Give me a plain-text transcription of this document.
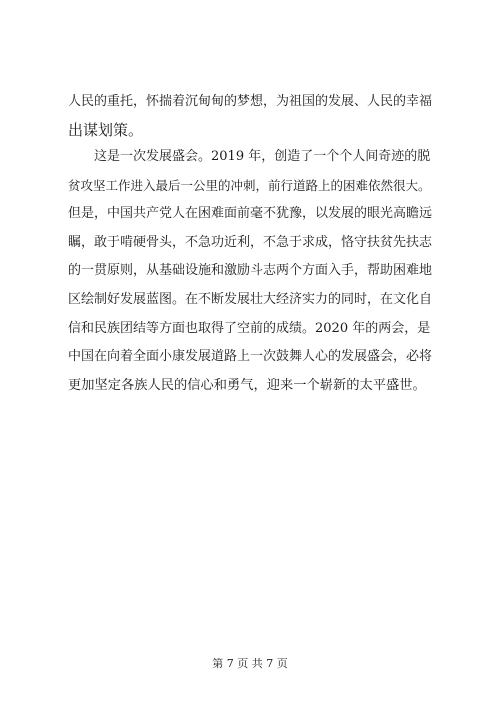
人民的重托，怀揣着沉甸甸的梦想，为祖国的发展、人民的幸福
出谋划策。
　　这是一次发展盛会。2019 年，创造了一个个人间奇迹的脱
贫攻坚工作进入最后一公里的冲刺，前行道路上的困难依然很大。
但是，中国共产党人在困难面前毫不犹豫，以发展的眼光高瞻远
瞩，敢于啃硬骨头，不急功近利，不急于求成，恪守扶贫先扶志
的一贯原则，从基础设施和激励斗志两个方面入手，帮助困难地
区绘制好发展蓝图。在不断发展壮大经济实力的同时，在文化自
信和民族团结等方面也取得了空前的成绩。2020 年的两会，是
中国在向着全面小康发展道路上一次鼓舞人心的发展盛会，必将
更加坚定各族人民的信心和勇气，迎来一个崭新的太平盛世。
第 7 页 共 7 页
